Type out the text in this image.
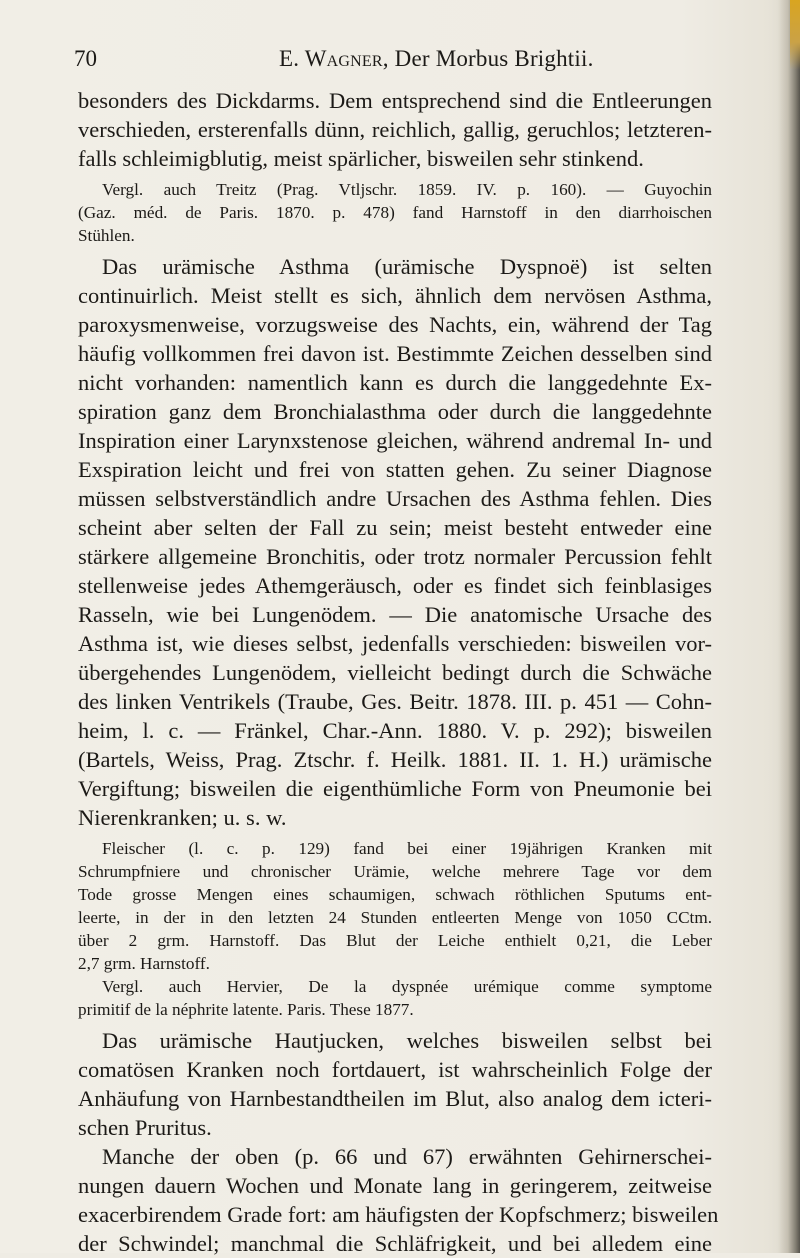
70	E. Wagner, Der Morbus Brightii.
besonders des Dickdarms. Dem entsprechend sind die Entleerungen
verschieden, ersterenfalls dünn, reichlich, gallig, geruchlos; letzteren-
falls schleimigblutig, meist spärlicher, bisweilen sehr stinkend.
Vergl. auch Treitz (Prag. Vtljschr. 1859. IV. p. 160). — Guyochin
(Gaz. méd. de Paris. 1870. p. 478) fand Harnstoff in den diarrhoischen
Stühlen.
Das urämische Asthma (urämische Dyspnoë) ist selten
continuirlich. Meist stellt es sich, ähnlich dem nervösen Asthma,
paroxysmenweise, vorzugsweise des Nachts, ein, während der Tag
häufig vollkommen frei davon ist. Bestimmte Zeichen desselben sind
nicht vorhanden: namentlich kann es durch die langgedehnte Ex-
spiration ganz dem Bronchialasthma oder durch die langgedehnte
Inspiration einer Larynxstenose gleichen, während andremal In- und
Exspiration leicht und frei von statten gehen. Zu seiner Diagnose
müssen selbstverständlich andre Ursachen des Asthma fehlen. Dies
scheint aber selten der Fall zu sein; meist besteht entweder eine
stärkere allgemeine Bronchitis, oder trotz normaler Percussion fehlt
stellenweise jedes Athemgeräusch, oder es findet sich feinblasiges
Rasseln, wie bei Lungenödem. — Die anatomische Ursache des
Asthma ist, wie dieses selbst, jedenfalls verschieden: bisweilen vor-
übergehendes Lungenödem, vielleicht bedingt durch die Schwäche
des linken Ventrikels (Traube, Ges. Beitr. 1878. III. p. 451 — Cohn-
heim, l. c. — Fränkel, Char.-Ann. 1880. V. p. 292); bisweilen
(Bartels, Weiss, Prag. Ztschr. f. Heilk. 1881. II. 1. H.) urämische
Vergiftung; bisweilen die eigenthümliche Form von Pneumonie bei
Nierenkranken; u. s. w.
Fleischer (l. c. p. 129) fand bei einer 19jährigen Kranken mit
Schrumpfniere und chronischer Urämie, welche mehrere Tage vor dem
Tode grosse Mengen eines schaumigen, schwach röthlichen Sputums ent-
leerte, in der in den letzten 24 Stunden entleerten Menge von 1050 CCtm.
über 2 grm. Harnstoff. Das Blut der Leiche enthielt 0,21, die Leber
2,7 grm. Harnstoff.
Vergl. auch Hervier, De la dyspnée urémique comme symptome
primitif de la néphrite latente. Paris. These 1877.
Das urämische Hautjucken, welches bisweilen selbst bei
comatösen Kranken noch fortdauert, ist wahrscheinlich Folge der
Anhäufung von Harnbestandtheilen im Blut, also analog dem icteri-
schen Pruritus.
Manche der oben (p. 66 und 67) erwähnten Gehirnerschei-
nungen dauern Wochen und Monate lang in geringerem, zeitweise
exacerbirendem Grade fort: am häufigsten der Kopfschmerz; bisweilen
der Schwindel; manchmal die Schläfrigkeit, und bei alledem eine
